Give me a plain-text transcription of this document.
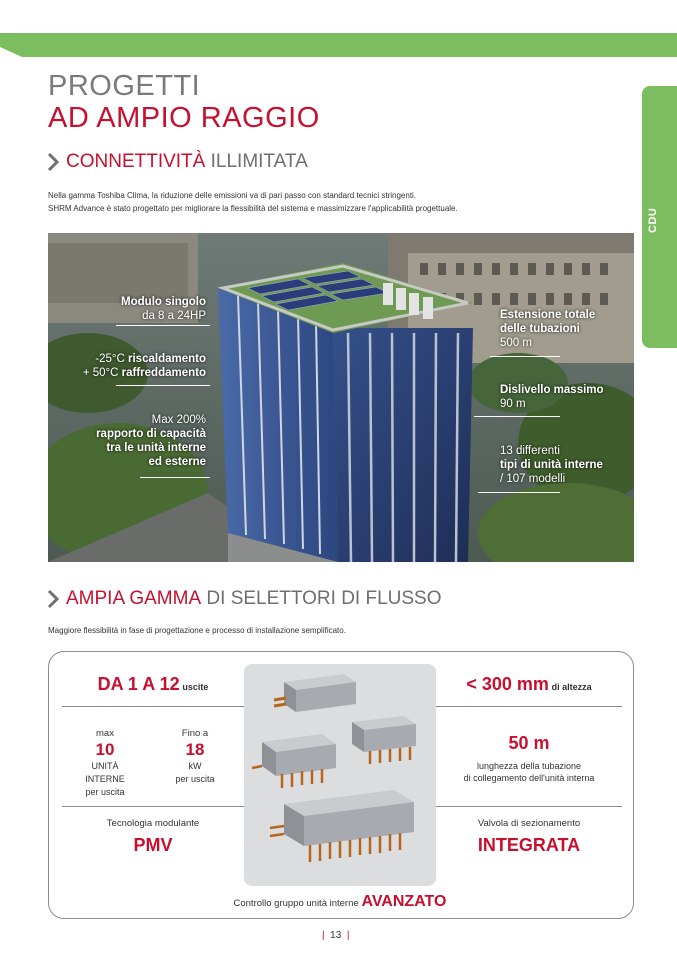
CDU
PROGETTI
AD AMPIO RAGGIO
CONNETTIVITÀ ILLIMITATA
Nella gamma Toshiba Clima, la riduzione delle emissioni va di pari passo con standard tecnici stringenti.
SHRM Advance è stato progettato per migliorare la flessibilità del sistema e massimizzare l'applicabilità progettuale.
Modulo singolo
da 8 a 24HP
-25°C riscaldamento
+ 50°C raffreddamento
Max 200%
rapporto di capacità
tra le unità interne
ed esterne
Estensione totale
delle tubazioni
500 m
Dislivello massimo
90 m
13 differenti
tipi di unità interne
/ 107 modelli
AMPIA GAMMA DI SELETTORI DI FLUSSO
Maggiore flessibilità in fase di progettazione e processo di installazione semplificato.
DA 1 A 12 uscite	< 300 mm di altezza
max
10
UNITÀ INTERNE
per uscita
Fino a
18
kW
per uscita
50 m
lunghezza della tubazione
di collegamento dell'unità interna
Tecnologia modulante
PMV
Valvola di sezionamento
INTEGRATA
Controllo gruppo unità interne AVANZATO
| 13 |
